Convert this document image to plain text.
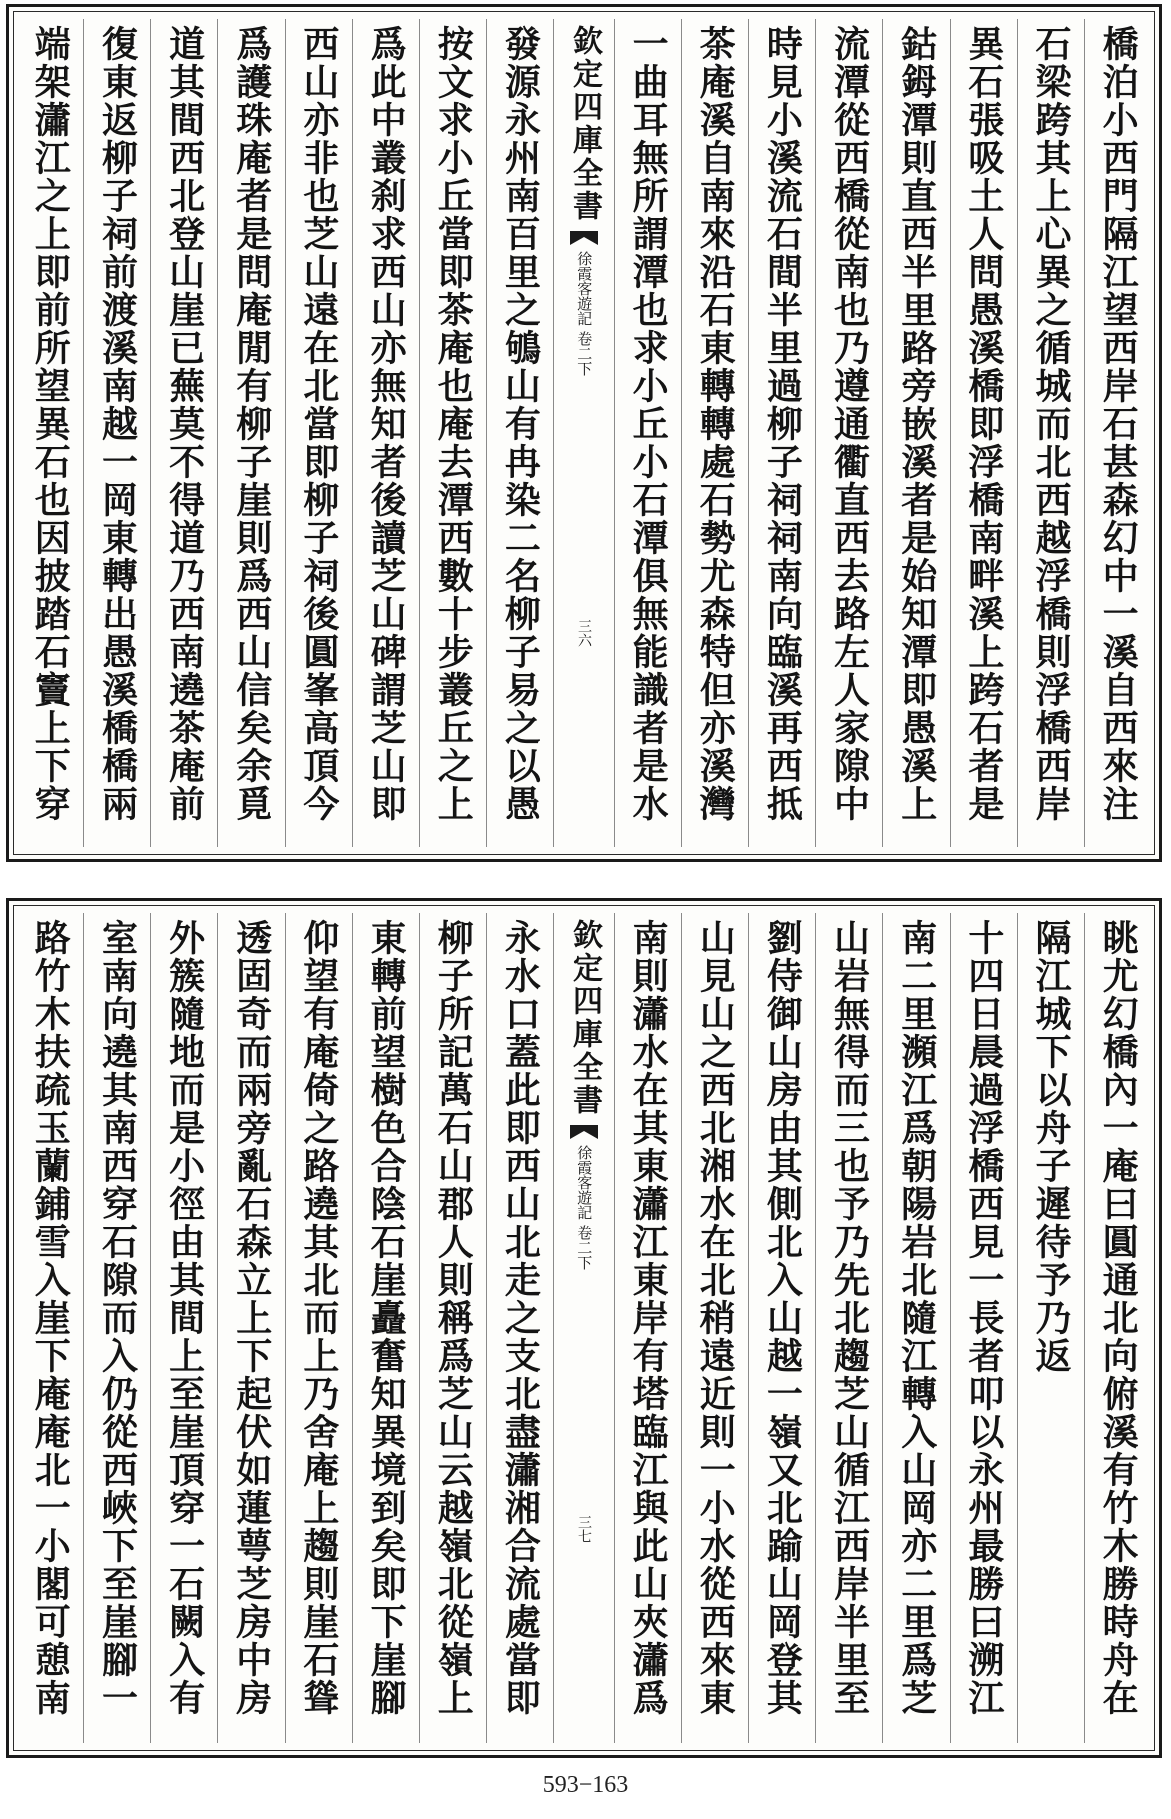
橋泊小西門隔江望西岸石甚森幻中一溪自西來注
石梁跨其上心異之循城而北西越浮橋則浮橋西岸
異石張吸土人問愚溪橋即浮橋南畔溪上跨石者是
鈷鉧潭則直西半里路旁嵌溪者是始知潭即愚溪上
流潭從西橋從南也乃遵通衢直西去路左人家隙中
時見小溪流石間半里過柳子祠祠南向臨溪再西抵
茶庵溪自南來沿石東轉轉處石勢尤森特但亦溪灣
一曲耳無所謂潭也求小丘小石潭俱無能識者是水
欽定四庫全書
徐霞客遊記 卷二下
三六
發源永州南百里之鴝山有冉染二名柳子易之以愚
按文求小丘當即茶庵也庵去潭西數十步叢丘之上
爲此中叢刹求西山亦無知者後讀芝山碑謂芝山即
西山亦非也芝山遠在北當即柳子祠後圓峯高頂今
爲護珠庵者是問庵閒有柳子崖則爲西山信矣余覓
道其間西北登山崖已蕪莫不得道乃西南遶茶庵前
復東返柳子祠前渡溪南越一岡東轉出愚溪橋橋兩
端架瀟江之上即前所望異石也因披踏石竇上下穿
眺尤幻橋內一庵曰圓通北向俯溪有竹木勝時舟在
隔江城下以舟子遲待予乃返
十四日晨過浮橋西見一長者叩以永州最勝曰溯江
南二里瀕江爲朝陽岩北隨江轉入山岡亦二里爲芝
山岩無得而三也予乃先北趨芝山循江西岸半里至
劉侍御山房由其側北入山越一嶺又北踰山岡登其
山見山之西北湘水在北稍遠近則一小水從西來東
南則瀟水在其東瀟江東岸有塔臨江與此山夾瀟爲
欽定四庫全書
徐霞客遊記 卷二下
三七
永水口蓋此即西山北走之支北盡瀟湘合流處當即
柳子所記萬石山郡人則稱爲芝山云越嶺北從嶺上
東轉前望樹色合陰石崖矗奮知異境到矣即下崖腳
仰望有庵倚之路遶其北而上乃舍庵上趨則崖石聳
透固奇而兩旁亂石森立上下起伏如蓮萼芝房中房
外簇隨地而是小徑由其間上至崖頂穿一石闕入有
室南向遶其南西穿石隙而入仍從西峽下至崖腳一
路竹木扶疏玉蘭鋪雪入崖下庵庵北一小閣可憩南
593−163
